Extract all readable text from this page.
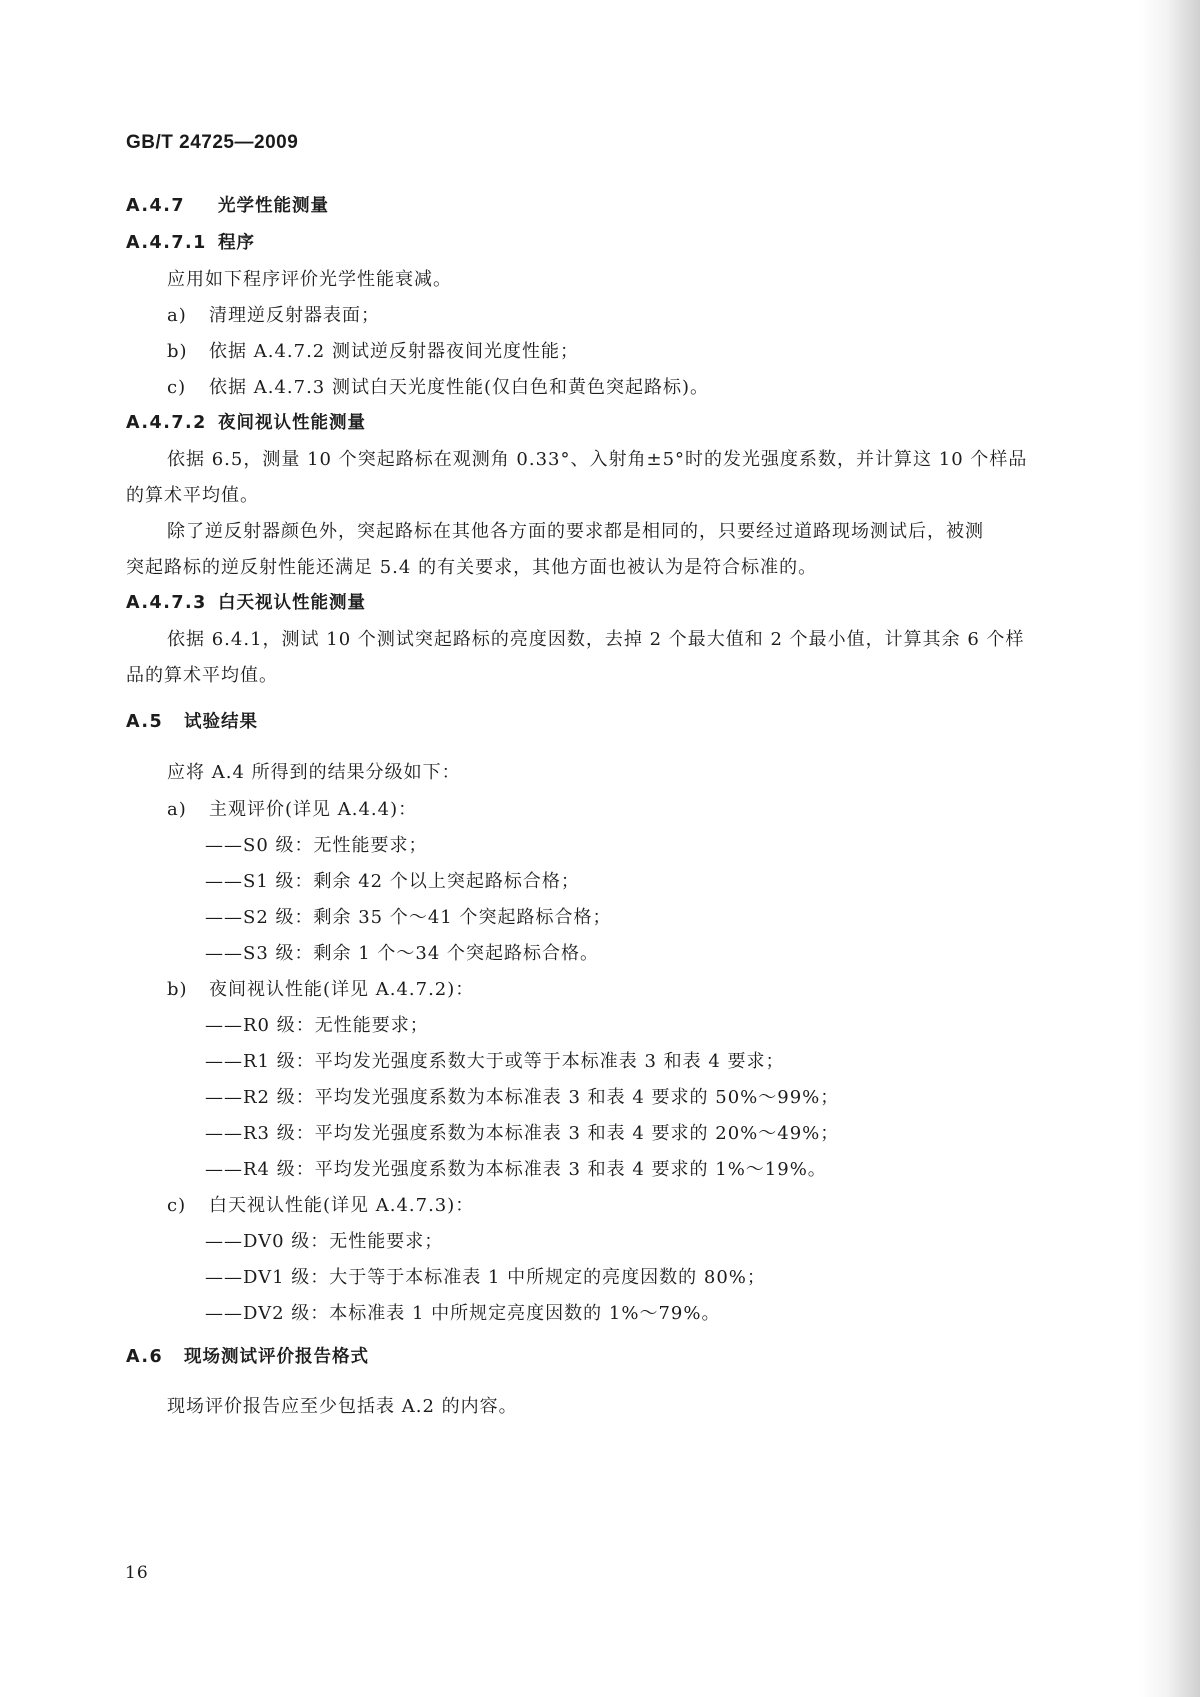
GB/T 24725—2009
A.4.7 光学性能测量
A.4.7.1 程序
应用如下程序评价光学性能衰减。
a) 清理逆反射器表面；
b) 依据 A.4.7.2 测试逆反射器夜间光度性能；
c) 依据 A.4.7.3 测试白天光度性能(仅白色和黄色突起路标)。
A.4.7.2 夜间视认性能测量
依据 6.5，测量 10 个突起路标在观测角 0.33°、入射角±5°时的发光强度系数，并计算这 10 个样品
的算术平均值。
除了逆反射器颜色外，突起路标在其他各方面的要求都是相同的，只要经过道路现场测试后，被测
突起路标的逆反射性能还满足 5.4 的有关要求，其他方面也被认为是符合标准的。
A.4.7.3 白天视认性能测量
依据 6.4.1，测试 10 个测试突起路标的亮度因数，去掉 2 个最大值和 2 个最小值，计算其余 6 个样
品的算术平均值。
A.5 试验结果
应将 A.4 所得到的结果分级如下：
a) 主观评价(详见 A.4.4)：
——S0 级：无性能要求；
——S1 级：剩余 42 个以上突起路标合格；
——S2 级：剩余 35 个～41 个突起路标合格；
——S3 级：剩余 1 个～34 个突起路标合格。
b) 夜间视认性能(详见 A.4.7.2)：
——R0 级：无性能要求；
——R1 级：平均发光强度系数大于或等于本标准表 3 和表 4 要求；
——R2 级：平均发光强度系数为本标准表 3 和表 4 要求的 50%～99%；
——R3 级：平均发光强度系数为本标准表 3 和表 4 要求的 20%～49%；
——R4 级：平均发光强度系数为本标准表 3 和表 4 要求的 1%～19%。
c) 白天视认性能(详见 A.4.7.3)：
——DV0 级：无性能要求；
——DV1 级：大于等于本标准表 1 中所规定的亮度因数的 80%；
——DV2 级：本标准表 1 中所规定亮度因数的 1%～79%。
A.6 现场测试评价报告格式
现场评价报告应至少包括表 A.2 的内容。
16
